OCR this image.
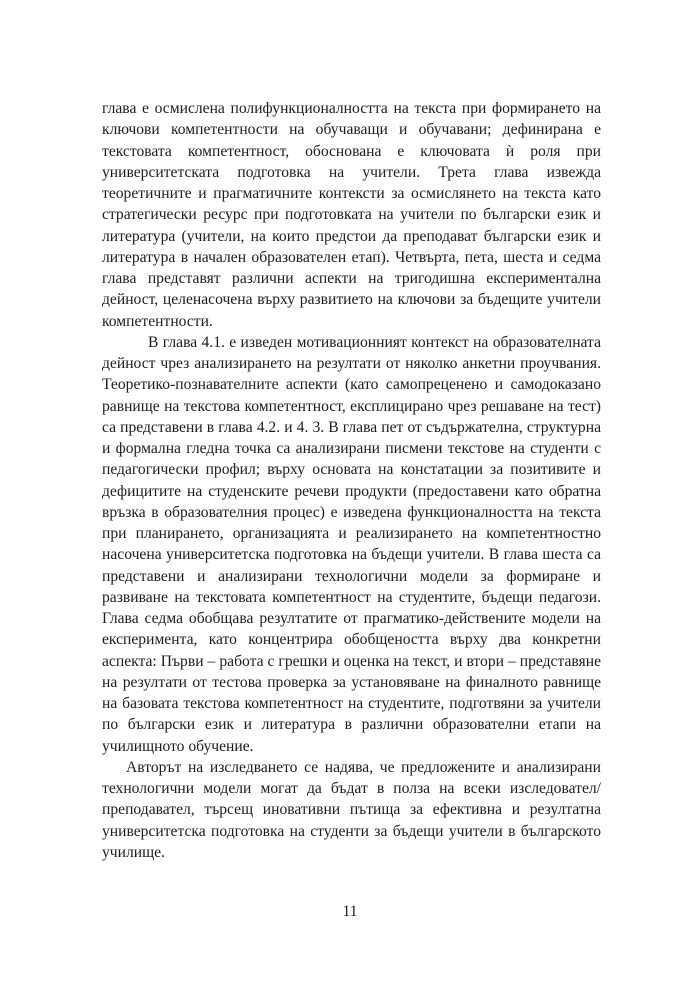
глава е осмислена полифункционалността на текста при формирането на ключови компетентности на обучаващи и обучавани; дефинирана е текстовата компетентност, обоснована е ключовата ѝ роля при университетската подготовка на учители. Трета глава извежда теоретичните и прагматичните контексти за осмислянето на текста като стратегически ресурс при подготовката на учители по български език и литература (учители, на които предстои да преподават български език и литература в начален образователен етап). Четвърта, пета, шеста и седма глава представят различни аспекти на тригодишна експериментална дейност, целенасочена върху развитието на ключови за бъдещите учители компетентности.

В глава 4.1. е изведен мотивационният контекст на образователната дейност чрез анализирането на резултати от няколко анкетни проучвания. Теоретико-познавателните аспекти (като самопреценено и самодоказано равнище на текстова компетентност, експлицирано чрез решаване на тест) са представени в глава 4.2. и 4. 3. В глава пет от съдържателна, структурна и формална гледна точка са анализирани писмени текстове на студенти с педагогически профил; върху основата на констатации за позитивите и дефицитите на студенските речеви продукти (предоставени като обратна връзка в образователния процес) е изведена функционалността на текста при планирането, организацията и реализирането на компетентностно насочена университетска подготовка на бъдещи учители. В глава шеста са представени и анализирани технологични модели за формиране и развиване на текстовата компетентност на студентите, бъдещи педагози. Глава седма обобщава резултатите от прагматико-действените модели на експеримента, като концентрира обобщеността върху два конкретни аспекта: Първи – работа с грешки и оценка на текст, и втори – представяне на резултати от тестова проверка за установяване на финалното равнище на базовата текстова компетентност на студентите, подготвяни за учители по български език и литература в различни образователни етапи на училищното обучение.

Авторът на изследването се надява, че предложените и анализирани технологични модели могат да бъдат в полза на всеки изследовател/преподавател, търсещ иновативни пътища за ефективна и резултатна университетска подготовка на студенти за бъдещи учители в българското училище.

11
